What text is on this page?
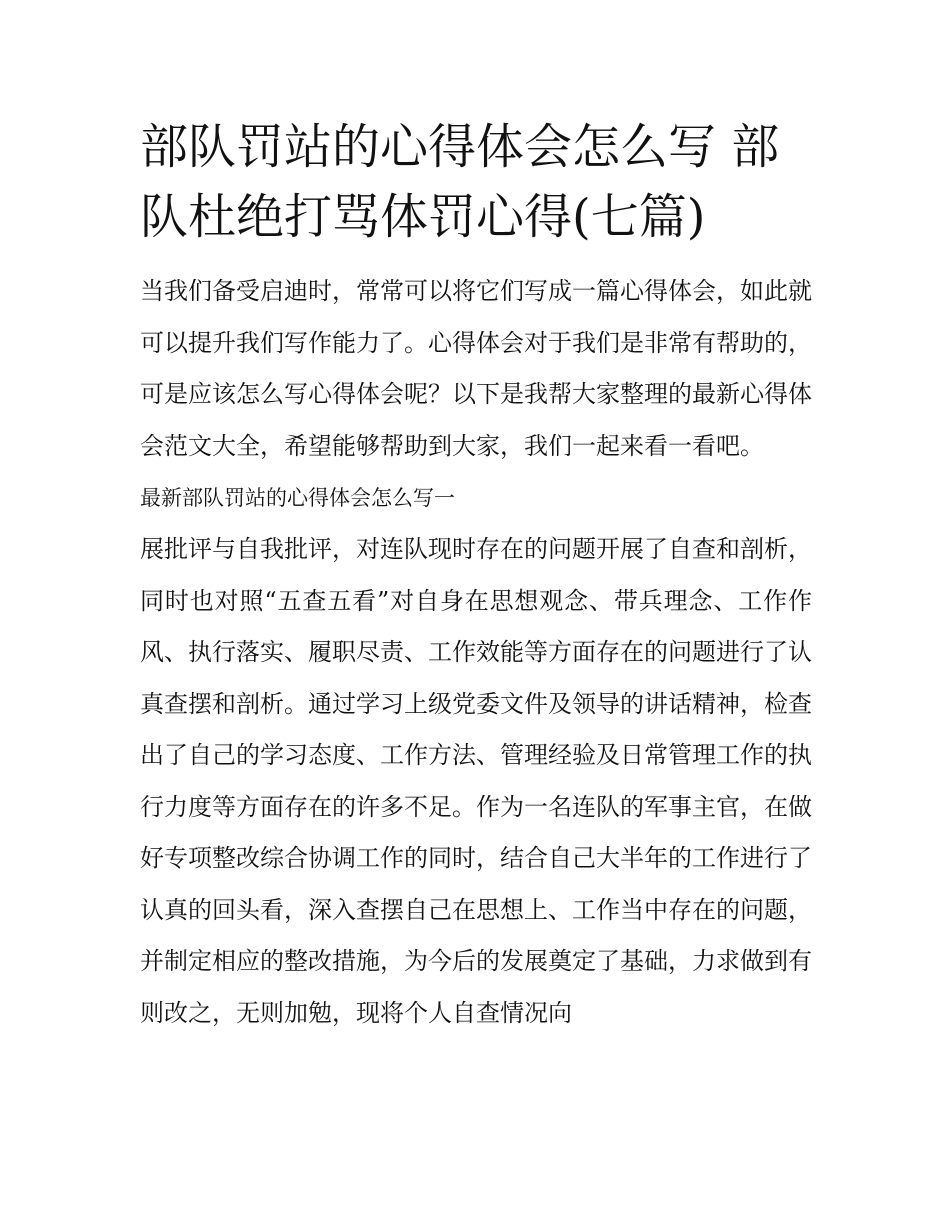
部队罚站的心得体会怎么写 部队杜绝打骂体罚心得(七篇)

当我们备受启迪时，常常可以将它们写成一篇心得体会，如此就可以提升我们写作能力了。心得体会对于我们是非常有帮助的，可是应该怎么写心得体会呢？以下是我帮大家整理的最新心得体会范文大全，希望能够帮助到大家，我们一起来看一看吧。

最新部队罚站的心得体会怎么写一

展批评与自我批评，对连队现时存在的问题开展了自查和剖析，同时也对照“五查五看”对自身在思想观念、带兵理念、工作作风、执行落实、履职尽责、工作效能等方面存在的问题进行了认真查摆和剖析。通过学习上级党委文件及领导的讲话精神，检查出了自己的学习态度、工作方法、管理经验及日常管理工作的执行力度等方面存在的许多不足。作为一名连队的军事主官，在做好专项整改综合协调工作的同时，结合自己大半年的工作进行了认真的回头看，深入查摆自己在思想上、工作当中存在的问题，并制定相应的整改措施，为今后的发展奠定了基础，力求做到有则改之，无则加勉，现将个人自查情况向
